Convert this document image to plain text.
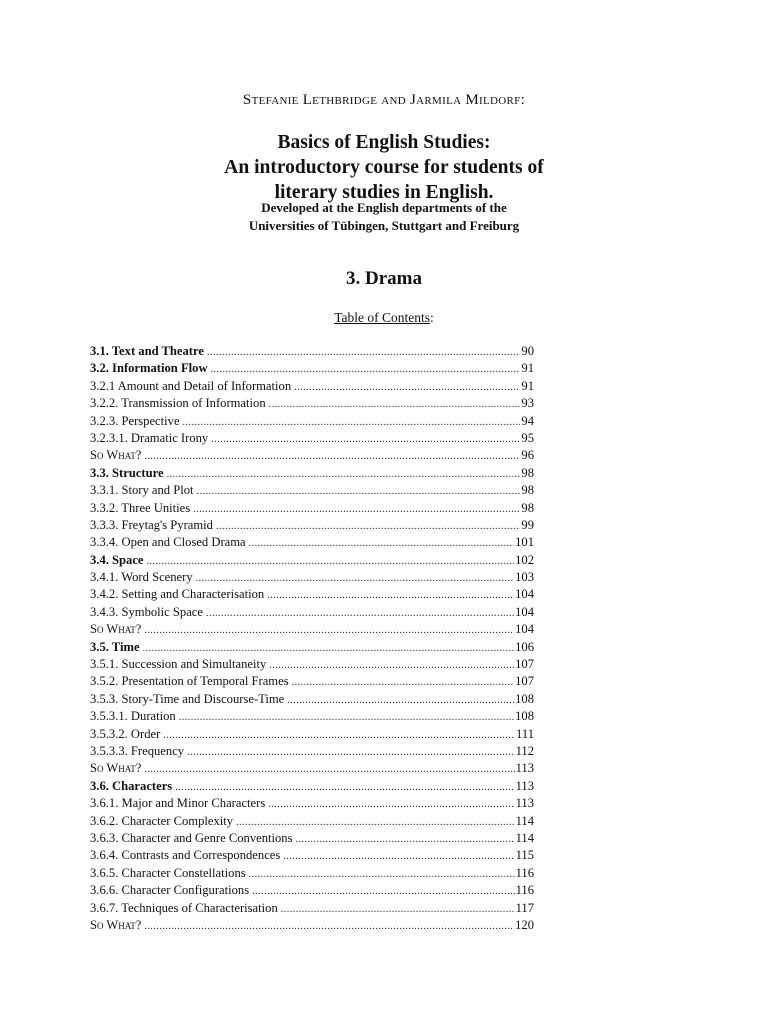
Stefanie Lethbridge and Jarmila Mildorf:
Basics of English Studies:
An introductory course for students of
literary studies in English.
Developed at the English departments of the
Universities of Tübingen, Stuttgart and Freiburg
3. Drama
Table of Contents:
3.1. Text and Theatre .....	90
3.2. Information Flow .....	91
3.2.1 Amount and Detail of Information .....	91
3.2.2. Transmission of Information .....	93
3.2.3. Perspective .....	94
3.2.3.1. Dramatic Irony .....	95
So What? .....	96
3.3. Structure .....	98
3.3.1. Story and Plot .....	98
3.3.2. Three Unities .....	98
3.3.3. Freytag's Pyramid .....	99
3.3.4. Open and Closed Drama .....	101
3.4. Space .....	102
3.4.1. Word Scenery .....	103
3.4.2. Setting and Characterisation .....	104
3.4.3. Symbolic Space .....	104
So What? .....	104
3.5. Time .....	106
3.5.1. Succession and Simultaneity .....	107
3.5.2. Presentation of Temporal Frames .....	107
3.5.3. Story-Time and Discourse-Time .....	108
3.5.3.1. Duration .....	108
3.5.3.2. Order .....	111
3.5.3.3. Frequency .....	112
So What? .....	113
3.6. Characters .....	113
3.6.1. Major and Minor Characters .....	113
3.6.2. Character Complexity .....	114
3.6.3. Character and Genre Conventions .....	114
3.6.4. Contrasts and Correspondences .....	115
3.6.5. Character Constellations .....	116
3.6.6. Character Configurations .....	116
3.6.7. Techniques of Characterisation .....	117
So What? .....	120
